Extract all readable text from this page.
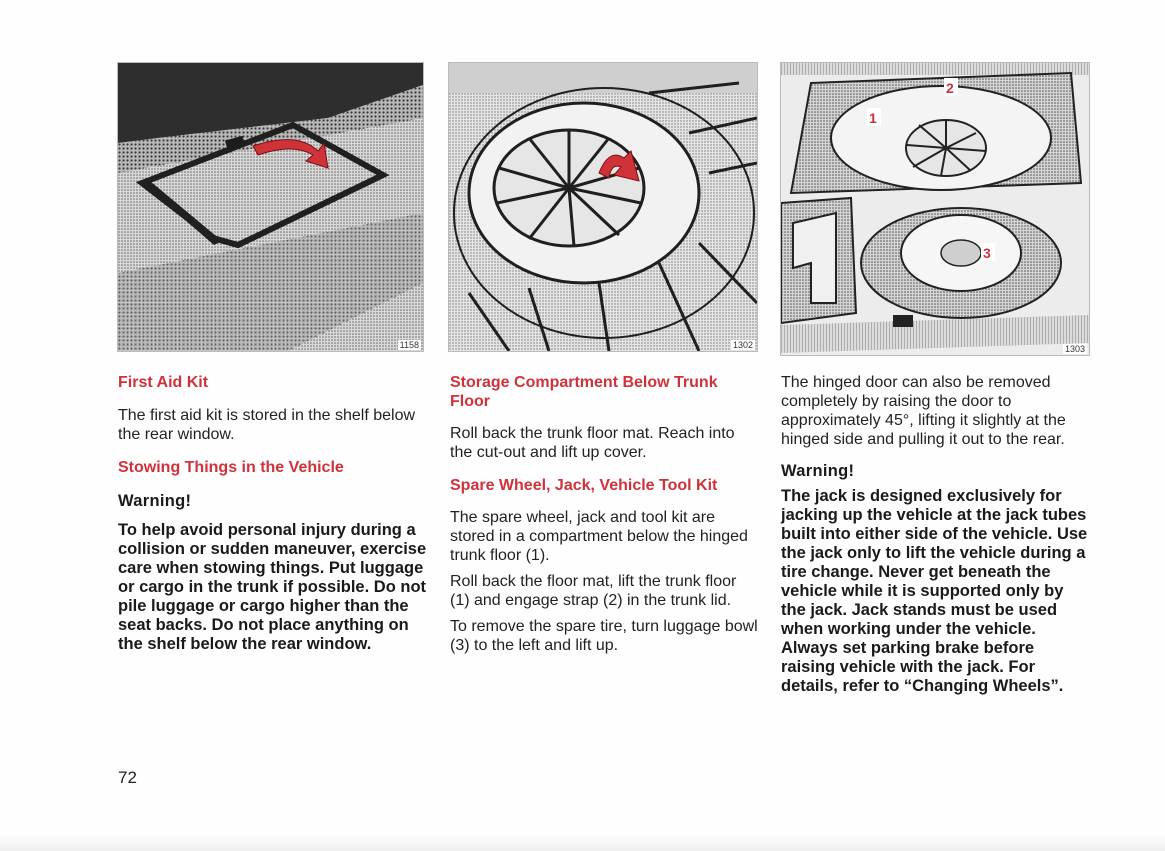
1158	1302
1
2
3
1303
First Aid Kit

The first aid kit is stored in the shelf below the rear window.

Stowing Things in the Vehicle

Warning!

To help avoid personal injury during a collision or sudden maneuver, exercise care when stowing things. Put luggage or cargo in the trunk if possible. Do not pile luggage or cargo higher than the seat backs. Do not place anything on the shelf below the rear window.

Storage Compartment Below Trunk Floor

Roll back the trunk floor mat. Reach into the cut-out and lift up cover.

Spare Wheel, Jack, Vehicle Tool Kit

The spare wheel, jack and tool kit are stored in a compartment below the hinged trunk floor (1).

Roll back the floor mat, lift the trunk floor (1) and engage strap (2) in the trunk lid.

To remove the spare tire, turn luggage bowl (3) to the left and lift up.

The hinged door can also be removed completely by raising the door to approximately 45°, lifting it slightly at the hinged side and pulling it out to the rear.

Warning!

The jack is designed exclusively for jacking up the vehicle at the jack tubes built into either side of the vehicle. Use the jack only to lift the vehicle during a tire change. Never get beneath the vehicle while it is supported only by the jack. Jack stands must be used when working under the vehicle. Always set parking brake before raising vehicle with the jack. For details, refer to “Changing Wheels”.

72
